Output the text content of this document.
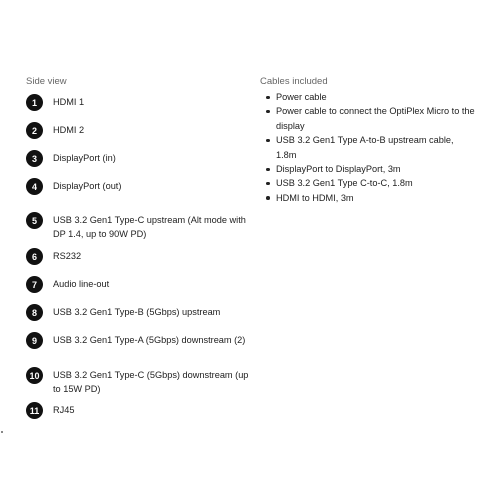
Side view
1	HDMI 1
2	HDMI 2
3	DisplayPort (in)
4	DisplayPort (out)
5	USB 3.2 Gen1 Type-C upstream (Alt mode with DP 1.4, up to 90W PD)
6	RS232
7	Audio line-out
8	USB 3.2 Gen1 Type-B (5Gbps) upstream
9	USB 3.2 Gen1 Type-A (5Gbps) downstream (2)
10	USB 3.2 Gen1 Type-C (5Gbps) downstream (up to 15W PD)
11	RJ45
Cables included
Power cable
Power cable to connect the OptiPlex Micro to the display
USB 3.2 Gen1 Type A-to-B upstream cable, 1.8m
DisplayPort to DisplayPort, 3m
USB 3.2 Gen1 Type C-to-C, 1.8m
HDMI to HDMI, 3m
